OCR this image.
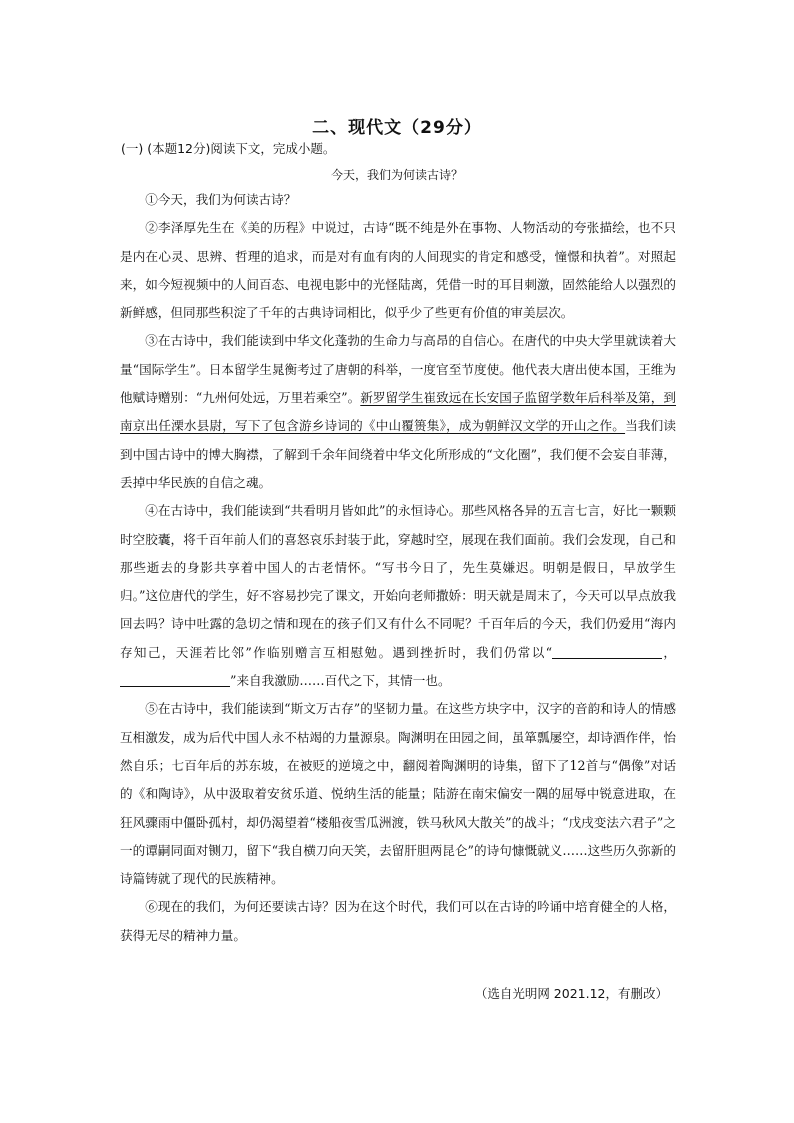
二、现代文（29分）
(一) (本题12分)阅读下文，完成小题。
今天，我们为何读古诗？

①今天，我们为何读古诗？

②李泽厚先生在《美的历程》中说过，古诗“既不纯是外在事物、人物活动的夸张描绘，也不只是内在心灵、思辨、哲理的追求，而是对有血有肉的人间现实的肯定和感受，憧憬和执着”。对照起来，如今短视频中的人间百态、电视电影中的光怪陆离，凭借一时的耳目刺激，固然能给人以强烈的新鲜感，但同那些积淀了千年的古典诗词相比，似乎少了些更有价值的审美层次。

③在古诗中，我们能读到中华文化蓬勃的生命力与高昂的自信心。在唐代的中央大学里就读着大量“国际学生”。日本留学生晁衡考过了唐朝的科举，一度官至节度使。他代表大唐出使本国，王维为他赋诗赠别：“九州何处远，万里若乘空”。新罗留学生崔致远在长安国子监留学数年后科举及第，到南京出任溧水县尉，写下了包含游乡诗词的《中山覆篑集》，成为朝鲜汉文学的开山之作。当我们读到中国古诗中的博大胸襟，了解到千余年间绕着中华文化所形成的“文化圈”，我们便不会妄自菲薄，丢掉中华民族的自信之魂。

④在古诗中，我们能读到“共看明月皆如此”的永恒诗心。那些风格各异的五言七言，好比一颗颗时空胶囊，将千百年前人们的喜怒哀乐封装于此，穿越时空，展现在我们面前。我们会发现，自己和那些逝去的身影共享着中国人的古老情怀。“写书今日了，先生莫嫌迟。明朝是假日，早放学生归。”这位唐代的学生，好不容易抄完了课文，开始向老师撒娇：明天就是周末了，今天可以早点放我回去吗？诗中吐露的急切之情和现在的孩子们又有什么不同呢？千百年后的今天，我们仍爱用“海内存知己，天涯若比邻”作临别赠言互相慰勉。遇到挫折时，我们仍常以“	，”来自我激励……百代之下，其情一也。

⑤在古诗中，我们能读到“斯文万古存”的坚韧力量。在这些方块字中，汉字的音韵和诗人的情感互相激发，成为后代中国人永不枯竭的力量源泉。陶渊明在田园之间，虽箪瓢屡空，却诗酒作伴，怡然自乐；七百年后的苏东坡，在被贬的逆境之中，翻阅着陶渊明的诗集，留下了12首与“偶像”对话的《和陶诗》，从中汲取着安贫乐道、悦纳生活的能量；陆游在南宋偏安一隅的屈辱中锐意进取，在狂风骤雨中僵卧孤村，却仍渴望着“楼船夜雪瓜洲渡，铁马秋风大散关”的战斗；“戊戌变法六君子”之一的谭嗣同面对铡刀，留下“我自横刀向天笑，去留肝胆两昆仑”的诗句慷慨就义……这些历久弥新的诗篇铸就了现代的民族精神。

⑥现在的我们，为何还要读古诗？因为在这个时代，我们可以在古诗的吟诵中培育健全的人格，获得无尽的精神力量。

（选自光明网 2021.12，有删改）
